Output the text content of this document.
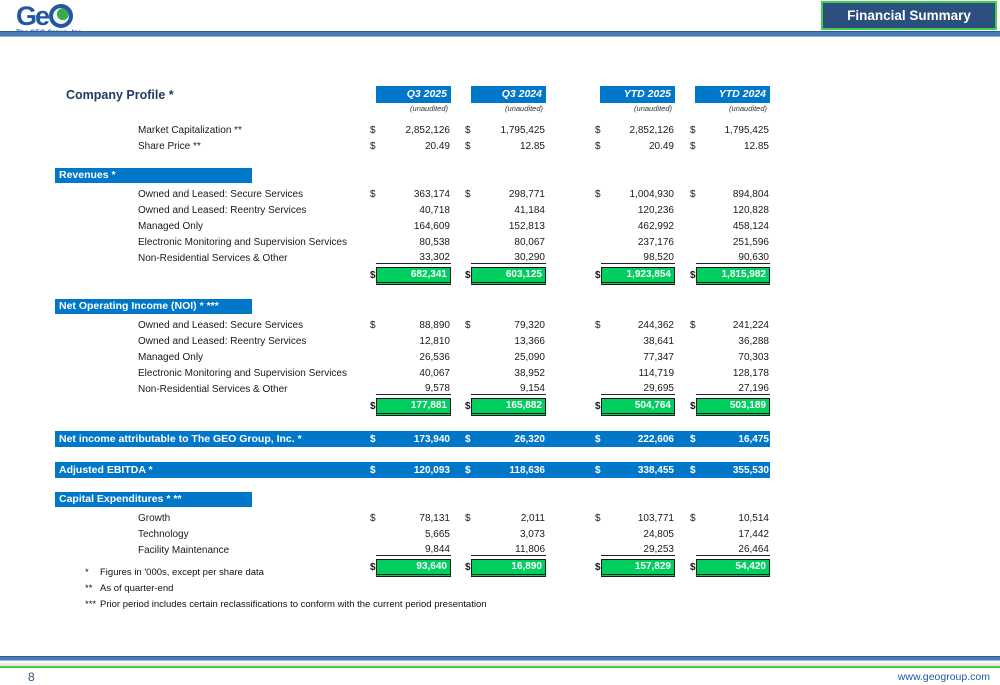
Ge	Financial Summary
Company Profile *	Q3 2025	Q3 2024	YTD 2025	YTD 2024
(unaudited)	(unaudited)	(unaudited)	(unaudited)
Market Capitalization **	$	2,852,126 $	1,795,425	$	2,852,126 $	1,795,425
Share Price **	$	20.49 $	12.85	$	20.49 $	12.85
Revenues *
Owned and Leased: Secure Services	$	363,174 $	298,771	$	1,004,930 $	894,804
Owned and Leased: Reentry Services	40,718	41,184	120,236	120,828
Managed Only	164,609	152,813	462,992	458,124
Electronic Monitoring and Supervision Services	80,538	80,067	237,176	251,596
Non-Residential Services & Other	33,302	30,290	98,520	90,630
$	682,341	$	603,125	$	1,923,854	$	1,815,982
Net Operating Income (NOI) * ***
Owned and Leased: Secure Services	$	88,890 $	79,320	$	244,362 $	241,224
Owned and Leased: Reentry Services	12,810	13,366	38,641	36,288
Managed Only	26,536	25,090	77,347	70,303
Electronic Monitoring and Supervision Services	40,067	38,952	114,719	128,178
Non-Residential Services & Other	9,578	9,154	29,695	27,196
$	177,881	$	165,882	$	504,764	$	503,189
Net income attributable to The GEO Group, Inc. *	$	173,940 $	26,320	$	222,606 $	16,475
Adjusted EBITDA *	$	120,093 $	118,636	$	338,455 $	355,530
Capital Expenditures * **
Growth	$	78,131 $	2,011	$	103,771 $	10,514
Technology	5,665	3,073	24,805	17,442
Facility Maintenance	9,844	11,806	29,253	26,464
$	93,640	$	16,890	$	157,829	$	54,420
*	Figures in '000s, except per share data
** As of quarter-end
*** Prior period includes certain reclassifications to conform with the current period presentation
8	www.geogroup.com
